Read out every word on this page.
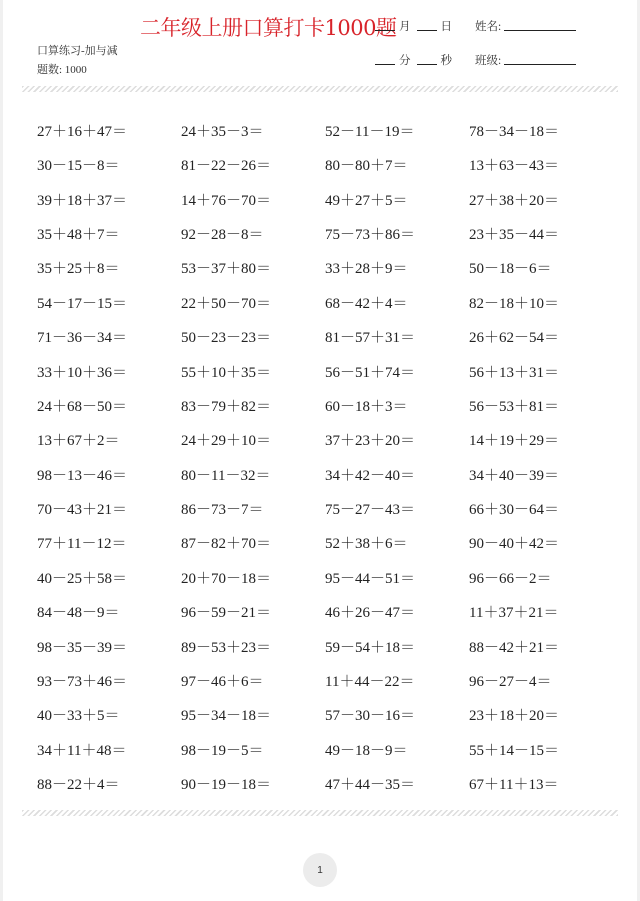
二年级上册口算打卡1000题
口算练习-加与减
题数: 1000
月	日
分	秒
姓名:
班级:
27＋16＋47＝	24＋35－3＝	52－11－19＝	78－34－18＝
30－15－8＝	81－22－26＝	80－80＋7＝	13＋63－43＝
39＋18＋37＝	14＋76－70＝	49＋27＋5＝	27＋38＋20＝
35＋48＋7＝	92－28－8＝	75－73＋86＝	23＋35－44＝
35＋25＋8＝	53－37＋80＝	33＋28＋9＝	50－18－6＝
54－17－15＝	22＋50－70＝	68－42＋4＝	82－18＋10＝
71－36－34＝	50－23－23＝	81－57＋31＝	26＋62－54＝
33＋10＋36＝	55＋10＋35＝	56－51＋74＝	56＋13＋31＝
24＋68－50＝	83－79＋82＝	60－18＋3＝	56－53＋81＝
13＋67＋2＝	24＋29＋10＝	37＋23＋20＝	14＋19＋29＝
98－13－46＝	80－11－32＝	34＋42－40＝	34＋40－39＝
70－43＋21＝	86－73－7＝	75－27－43＝	66＋30－64＝
77＋11－12＝	87－82＋70＝	52＋38＋6＝	90－40＋42＝
40－25＋58＝	20＋70－18＝	95－44－51＝	96－66－2＝
84－48－9＝	96－59－21＝	46＋26－47＝	11＋37＋21＝
98－35－39＝	89－53＋23＝	59－54＋18＝	88－42＋21＝
93－73＋46＝	97－46＋6＝	11＋44－22＝	96－27－4＝
40－33＋5＝	95－34－18＝	57－30－16＝	23＋18＋20＝
34＋11＋48＝	98－19－5＝	49－18－9＝	55＋14－15＝
88－22＋4＝	90－19－18＝	47＋44－35＝	67＋11＋13＝
1
